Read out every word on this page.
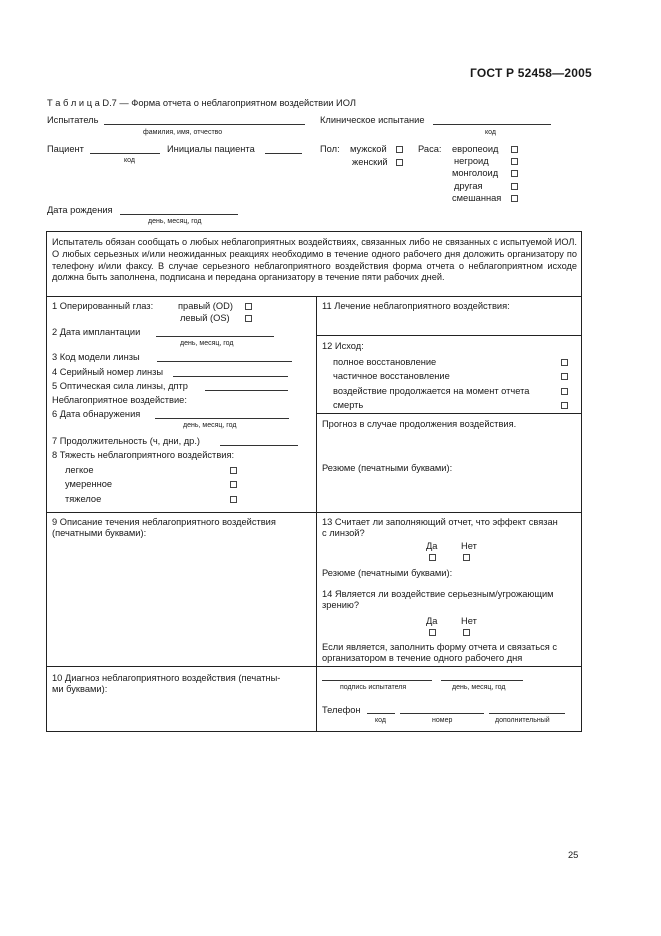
ГОСТ Р 52458—2005
Т а б л и ц а D.7 — Форма отчета о неблагоприятном воздействии ИОЛ
Испытатель
фамилия, имя, отчество
Клиническое испытание
код
Пациент
код
Инициалы пациента	Пол: мужской
женский
Раса: европеоид
негроид
монголоид
другая
смешанная
Дата рождения
день, месяц, год
Испытатель обязан сообщать о любых неблагоприятных воздействиях, связанных либо не связанных с испытуемой ИОЛ. О любых серьезных и/или неожиданных реакциях необходимо в течение одного рабочего дня доложить организатору по телефону и/или факсу. В случае серьезного неблагоприятного воздействия форма отчета о неблагоприятном исходе должна быть заполнена, подписана и передана организатору в течение пяти рабочих дней.
1 Оперированный глаз:	правый (OD)
левый (OS)
2 Дата имплантации
день, месяц, год
3 Код модели линзы
4 Серийный номер линзы
5 Оптическая сила линзы, дптр
Неблагоприятное воздействие:
6 Дата обнаружения
день, месяц, год
7 Продолжительность (ч, дни, др.)
8 Тяжесть неблагоприятного воздействия:
легкое
умеренное
тяжелое
9 Описание течения неблагоприятного воздействия
(печатными буквами):
10 Диагноз неблагоприятного воздействия (печатны-
ми буквами):
11 Лечение неблагоприятного воздействия:
12 Исход:
полное восстановление
частичное восстановление
воздействие продолжается на момент отчета
смерть
Прогноз в случае продолжения воздействия.
Резюме (печатными буквами):
13 Считает ли заполняющий отчет, что эффект связан
с линзой?
Да	Нет
Резюме (печатными буквами):
14 Является ли воздействие серьезным/угрожающим
зрению?
Да	Нет
Если является, заполнить форму отчета и связаться с
организатором в течение одного рабочего дня
подпись испытателя	день, месяц, год
Телефон
код	номер	дополнительный
25
